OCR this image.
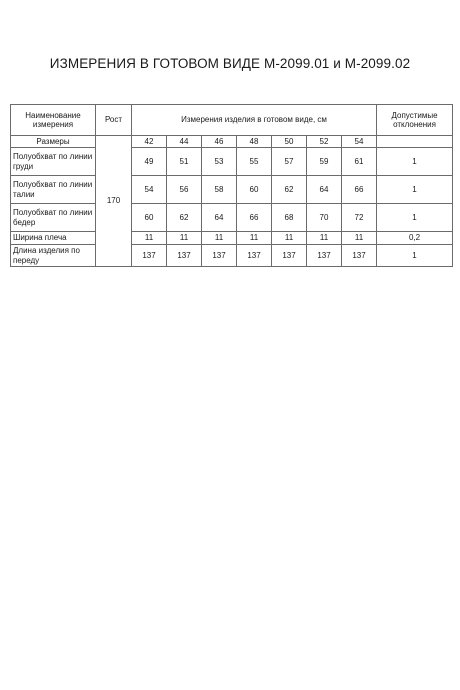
ИЗМЕРЕНИЯ В ГОТОВОМ ВИДЕ М-2099.01 и М-2099.02
Наименование измерения	Рост	Измерения изделия в готовом виде, см							Допустимые отклонения
Размеры	170	42	44	46	48	50	52	54	
Полуобхват по линии груди		49	51	53	55	57	59	61	1
Полуобхват по линии талии		54	56	58	60	62	64	66	1
Полуобхват по линии бедер		60	62	64	66	68	70	72	1
Ширина плеча		11	11	11	11	11	11	11	0,2
Длина изделия по переду		137	137	137	137	137	137	137	1
